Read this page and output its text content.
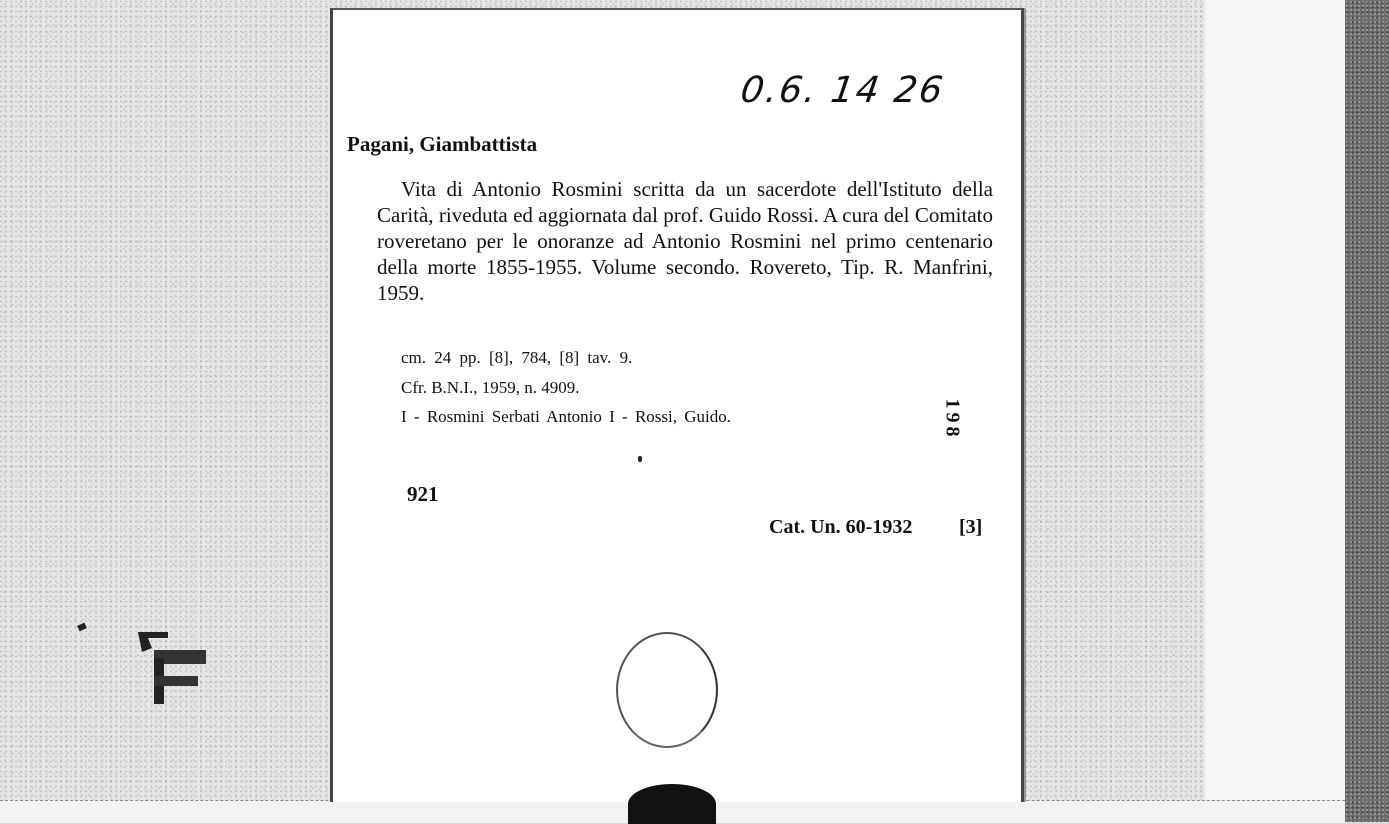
0.6. 14 26
Pagani, Giambattista

Vita di Antonio Rosmini scritta da un sacerdote dell'Istituto della Carità, riveduta ed aggiornata dal prof. Guido Rossi. A cura del Comitato roveretano per le onoranze ad Antonio Rosmini nel primo centenario della morte 1855-1955. Volume secondo. Rovereto, Tip. R. Manfrini, 1959.

cm. 24 pp. [8], 784, [8] tav. 9.
Cfr. B.N.I., 1959, n. 4909.
I - Rosmini Serbati Antonio I - Rossi, Guido.	198
921
Cat. Un. 60-1932 [3]
